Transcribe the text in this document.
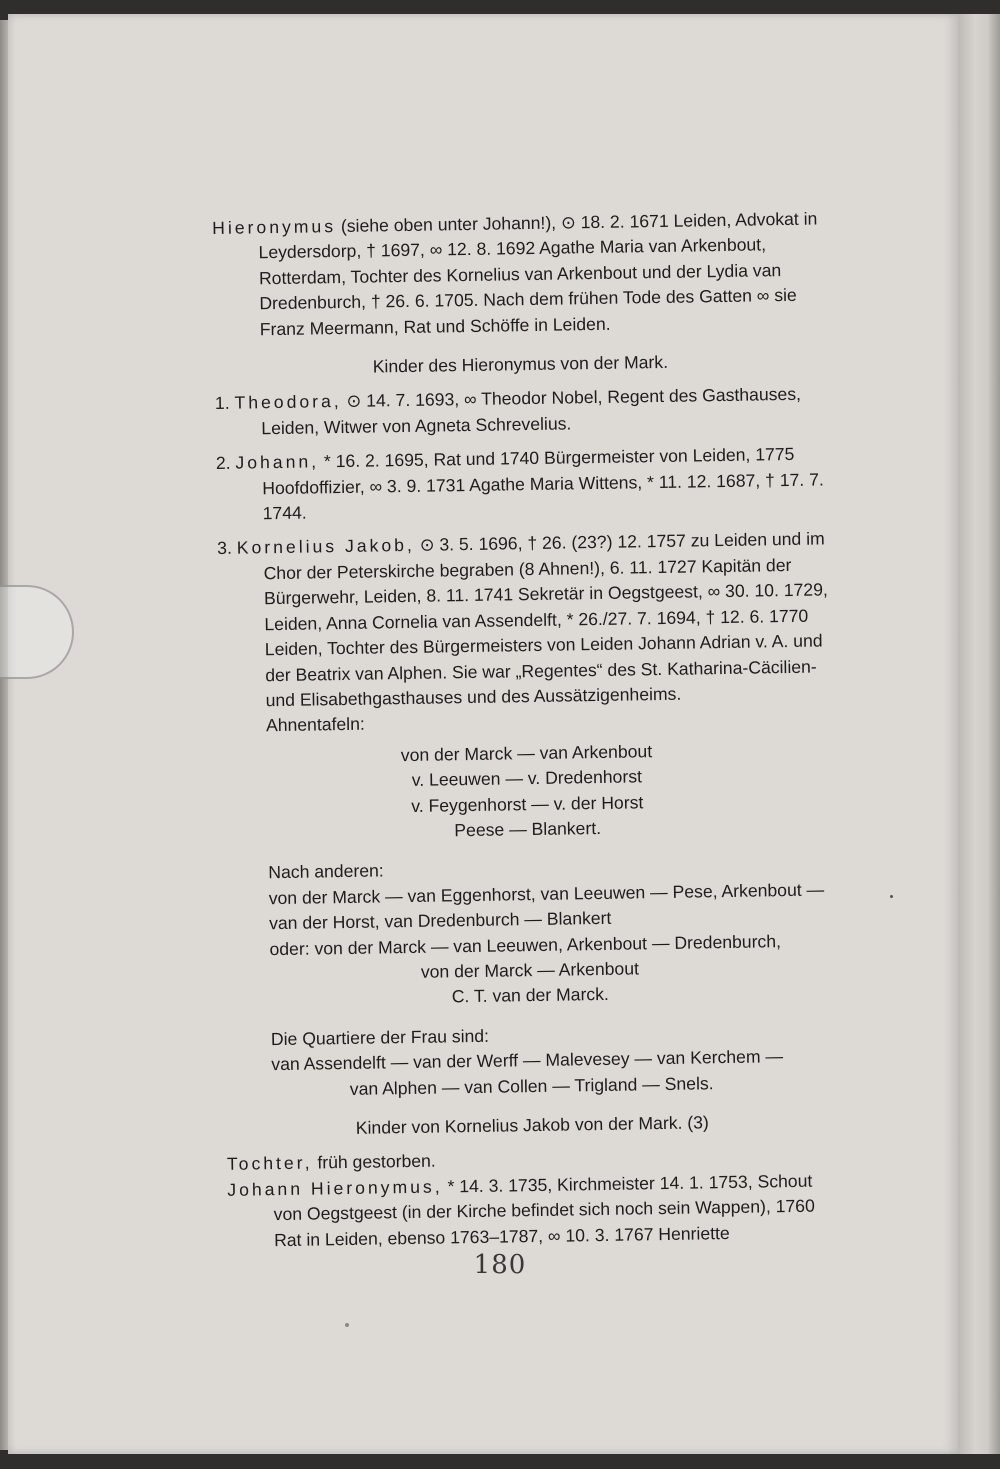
Hieronymus (siehe oben unter Johann!), ⊙ 18. 2. 1671 Leiden, Advokat in Leydersdorp, † 1697, ∞ 12. 8. 1692 Agathe Maria van Arkenbout, Rotterdam, Tochter des Kornelius van Arkenbout und der Lydia van Dredenburch, † 26. 6. 1705. Nach dem frühen Tode des Gatten ∞ sie Franz Meermann, Rat und Schöffe in Leiden.

Kinder des Hieronymus von der Mark.

1. Theodora, ⊙ 14. 7. 1693, ∞ Theodor Nobel, Regent des Gasthauses, Leiden, Witwer von Agneta Schrevelius.

2. Johann, * 16. 2. 1695, Rat und 1740 Bürgermeister von Leiden, 1775 Hoofdoffizier, ∞ 3. 9. 1731 Agathe Maria Wittens, * 11. 12. 1687, † 17. 7. 1744.

3. Kornelius Jakob, ⊙ 3. 5. 1696, † 26. (23?) 12. 1757 zu Leiden und im Chor der Peterskirche begraben (8 Ahnen!), 6. 11. 1727 Kapitän der Bürgerwehr, Leiden, 8. 11. 1741 Sekretär in Oegstgeest, ∞ 30. 10. 1729, Leiden, Anna Cornelia van Assendelft, * 26./27. 7. 1694, † 12. 6. 1770 Leiden, Tochter des Bürgermeisters von Leiden Johann Adrian v. A. und der Beatrix van Alphen. Sie war „Regentes“ des St. Katharina-Cäcilien- und Elisabethgasthauses und des Aussätzigenheims.

Ahnentafeln:

von der Marck — van Arkenbout

v. Leeuwen — v. Dredenhorst

v. Feygenhorst — v. der Horst

Peese — Blankert.

Nach anderen:

von der Marck — van Eggenhorst, van Leeuwen — Pese, Arkenbout — van der Horst, van Dredenburch — Blankert

oder: von der Marck — van Leeuwen, Arkenbout — Dredenburch,

von der Marck — Arkenbout

C. T. van der Marck.

Die Quartiere der Frau sind:

van Assendelft — van der Werff — Malevesey — van Kerchem —

van Alphen — van Collen — Trigland — Snels.

Kinder von Kornelius Jakob von der Mark. (3)

Tochter, früh gestorben.

Johann Hieronymus, * 14. 3. 1735, Kirchmeister 14. 1. 1753, Schout von Oegstgeest (in der Kirche befindet sich noch sein Wappen), 1760 Rat in Leiden, ebenso 1763–1787, ∞ 10. 3. 1767 Henriette

180
